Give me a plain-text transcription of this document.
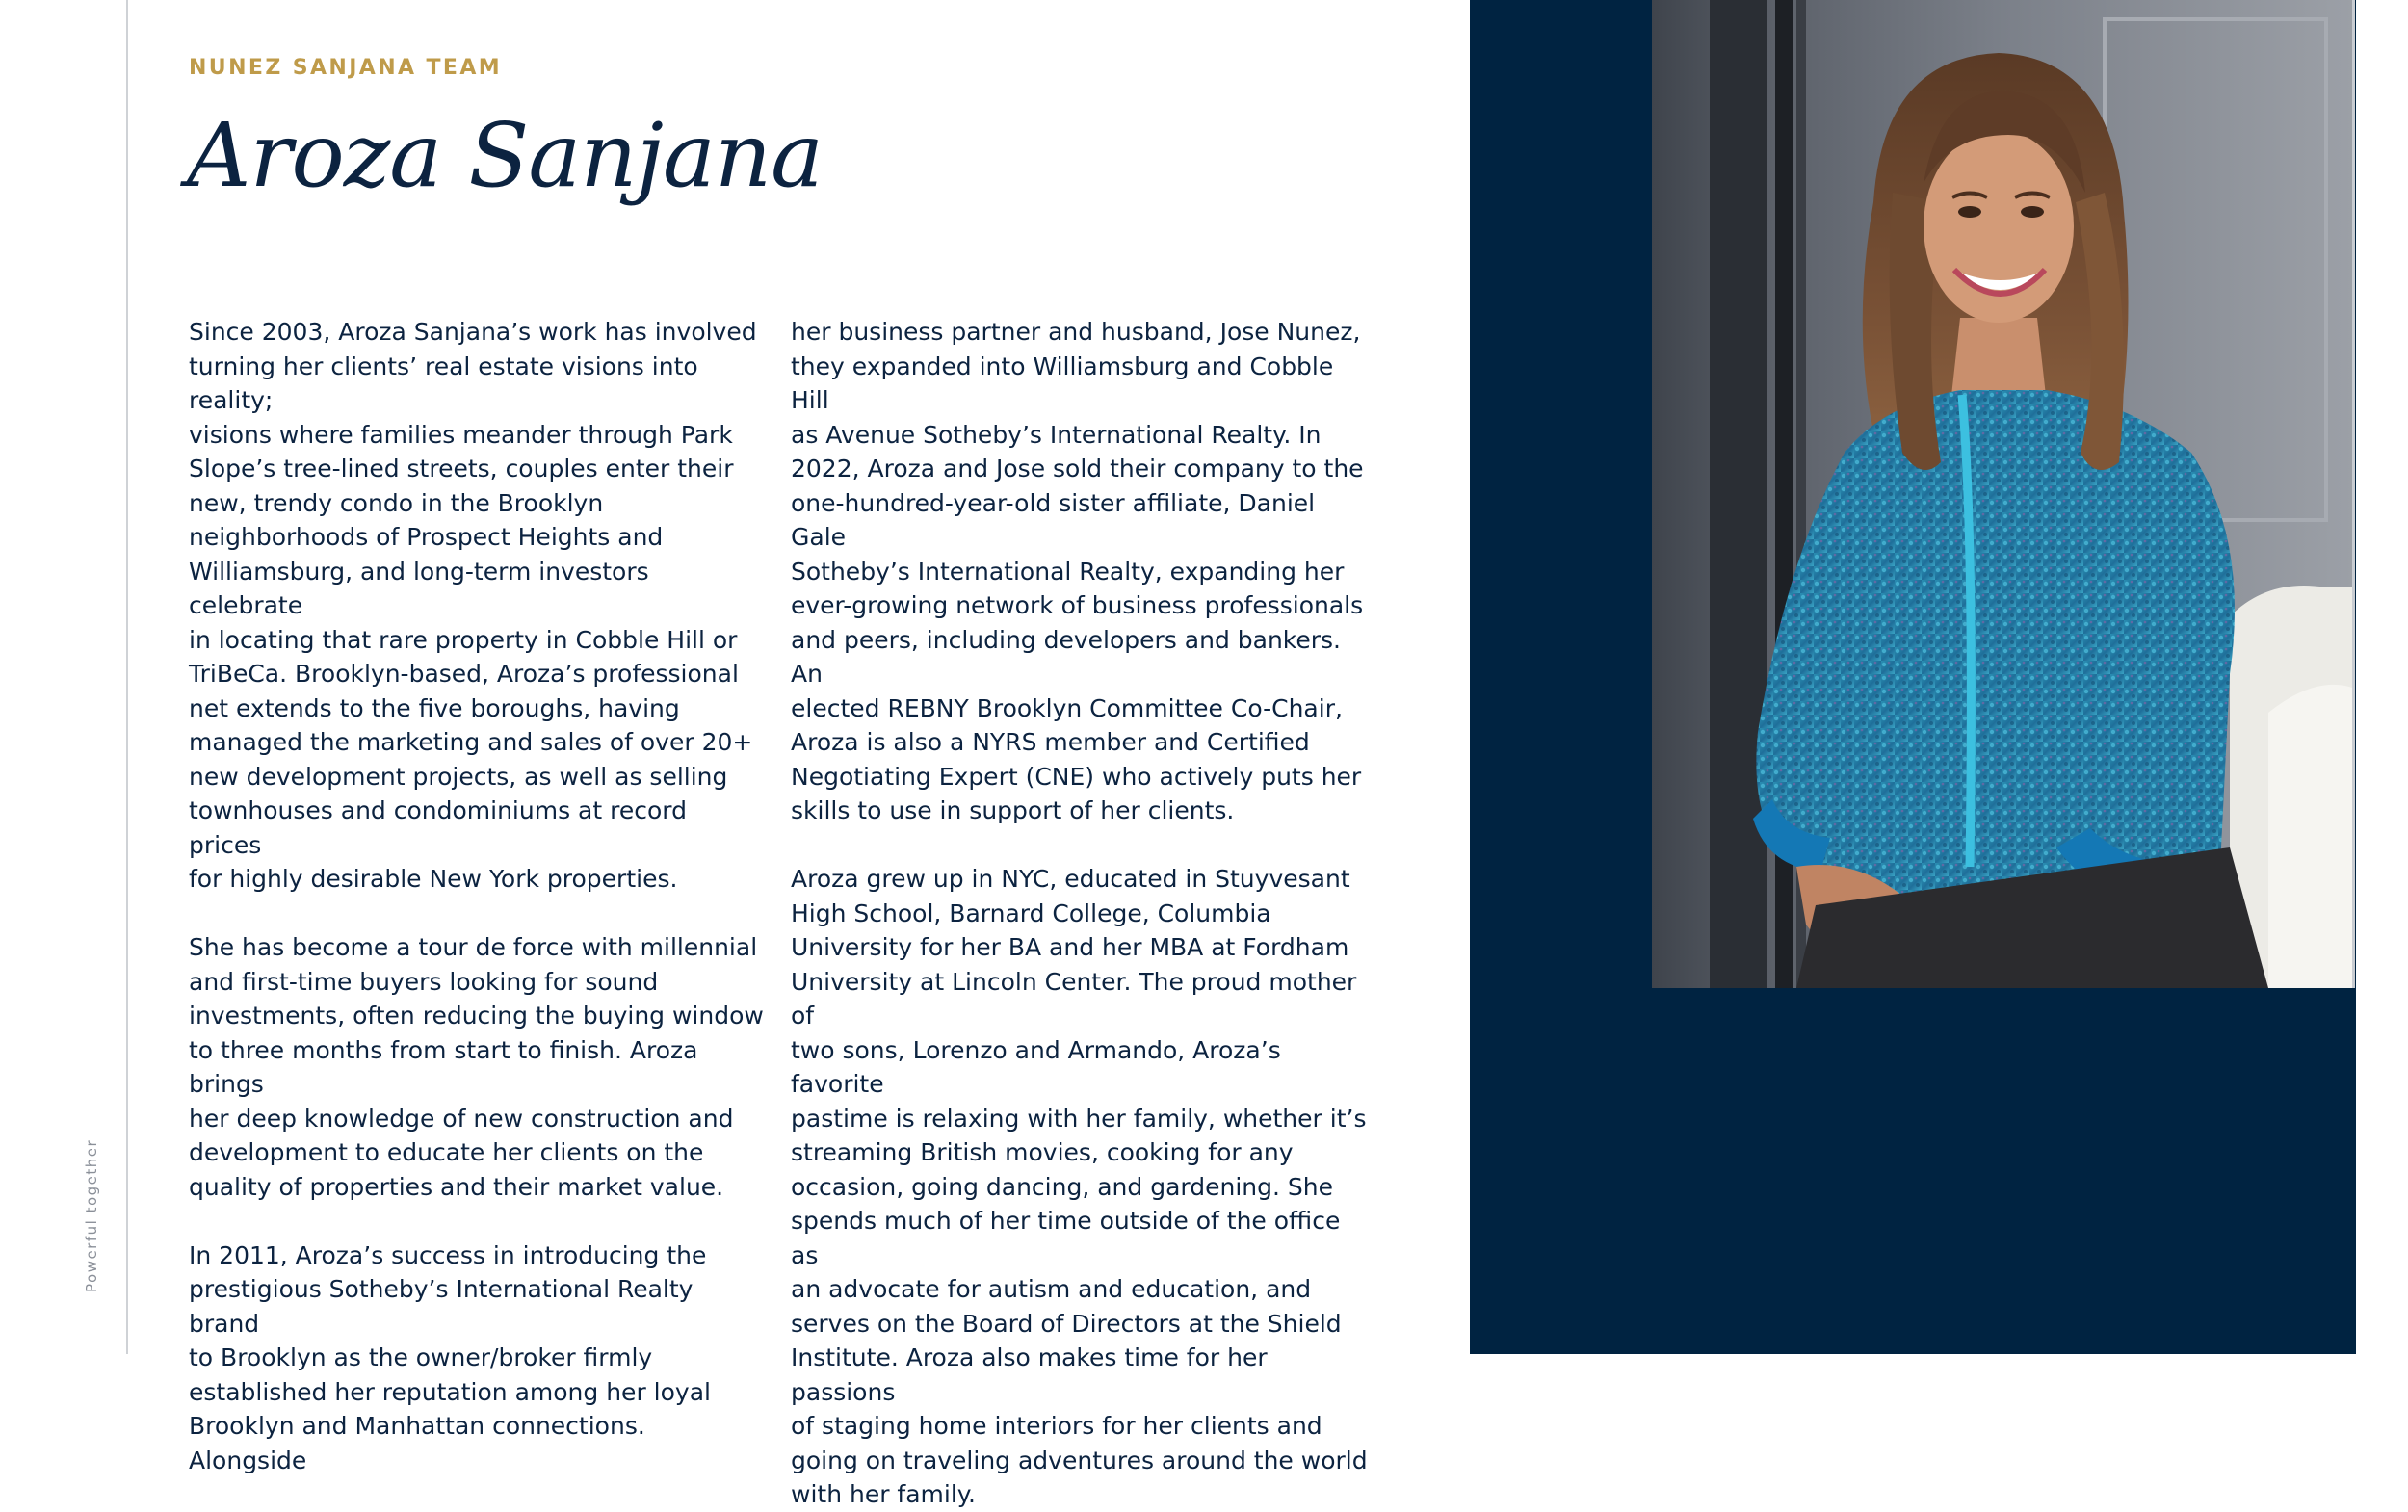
Powerful together
NUNEZ SANJANA TEAM
Aroza Sanjana

Since 2003, Aroza Sanjana’s work has involved
turning her clients’ real estate visions into reality;
visions where families meander through Park
Slope’s tree-lined streets, couples enter their
new, trendy condo in the Brooklyn
neighborhoods of Prospect Heights and
Williamsburg, and long-term investors celebrate
in locating that rare property in Cobble Hill or
TriBeCa. Brooklyn-based, Aroza’s professional
net extends to the five boroughs, having
managed the marketing and sales of over 20+
new development projects, as well as selling
townhouses and condominiums at record prices
for highly desirable New York properties.

She has become a tour de force with millennial
and first-time buyers looking for sound
investments, often reducing the buying window
to three months from start to finish. Aroza brings
her deep knowledge of new construction and
development to educate her clients on the
quality of properties and their market value.

In 2011, Aroza’s success in introducing the
prestigious Sotheby’s International Realty brand
to Brooklyn as the owner/broker firmly
established her reputation among her loyal
Brooklyn and Manhattan connections. Alongside

her business partner and husband, Jose Nunez,
they expanded into Williamsburg and Cobble Hill
as Avenue Sotheby’s International Realty. In
2022, Aroza and Jose sold their company to the
one-hundred-year-old sister affiliate, Daniel Gale
Sotheby’s International Realty, expanding her
ever-growing network of business professionals
and peers, including developers and bankers. An
elected REBNY Brooklyn Committee Co-Chair,
Aroza is also a NYRS member and Certified
Negotiating Expert (CNE) who actively puts her
skills to use in support of her clients.

Aroza grew up in NYC, educated in Stuyvesant
High School, Barnard College, Columbia
University for her BA and her MBA at Fordham
University at Lincoln Center. The proud mother of
two sons, Lorenzo and Armando, Aroza’s favorite
pastime is relaxing with her family, whether it’s
streaming British movies, cooking for any
occasion, going dancing, and gardening. She
spends much of her time outside of the office as
an advocate for autism and education, and
serves on the Board of Directors at the Shield
Institute. Aroza also makes time for her passions
of staging home interiors for her clients and
going on traveling adventures around the world
with her family.
